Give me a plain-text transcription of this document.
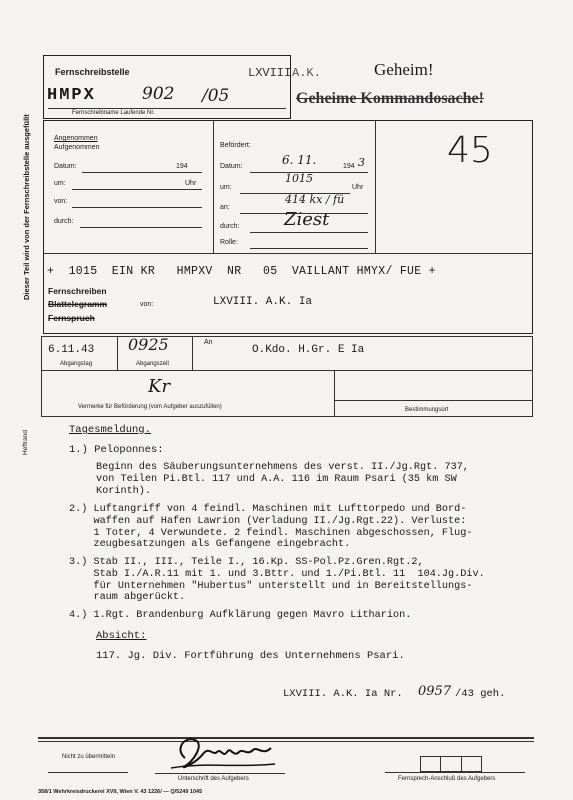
Dieser Teil wird von der Fernschreibstelle ausgefüllt
Heftrand
Fernschreibstelle	LXVIII A.K.
HMPX	902 /05
Fernschreibname Laufende Nr.
Geheim!
Geheime Kommandosache!
Angenommen
Aufgenommen
Datum:	194
um:	Uhr
von:
durch:
Befördert:
Datum:	6. 11.	194 3
um:
1015
Uhr
an:
414 kx / fü
durch: Ziest
Rolle:
45
+  1015  EIN KR   HMPXV  NR   05  VAILLANT HMYX/ FUE +
Fernschreiben
Blattelegramm
Fernspruch
von:	LXVIII. A.K. Ia
6.11.43
Abgangstag
0925
Abgangszeit
An
O.Kdo. H.Gr. E Ia
Kr
Vermerke für Beförderung (vom Aufgeber auszufüllen)	Bestimmungsort
Tagesmeldung.
1.) Peloponnes:
Beginn des Säuberungsunternehmens des verst. II./Jg.Rgt. 737,
von Teilen Pi.Btl. 117 und A.A. 116 im Raum Psari (35 km SW
Korinth).
2.) Luftangriff von 4 feindl. Maschinen mit Lufttorpedo und Bord-
waffen auf Hafen Lawrion (Verladung II./Jg.Rgt.22). Verluste:
1 Toter, 4 Verwundete. 2 feindl. Maschinen abgeschossen, Flug-
zeugbesatzungen als Gefangene eingebracht.
3.) Stab II., III., Teile I., 16.Kp. SS-Pol.Pz.Gren.Rgt.2,
Stab I./A.R.11 mit 1. und 3.Bttr. und 1./Pi.Btl. 11  104.Jg.Div.
für Unternehmen "Hubertus" unterstellt und in Bereitstellungs-
raum abgerückt.
4.) 1.Rgt. Brandenburg Aufklärung gegen Mavro Litharion.
Absicht:
117. Jg. Div. Fortführung des Unternehmens Psari.
LXVIII. A.K. Ia Nr. 0957 /43 geh.
Nicht zu übermitteln
Unterschrift des Aufgebers	Fernsprech-Anschluß des Aufgebers
358/1 Wehrkreisdruckerei XVII, Wien V. 43 1226/ — Q/5249 1045
